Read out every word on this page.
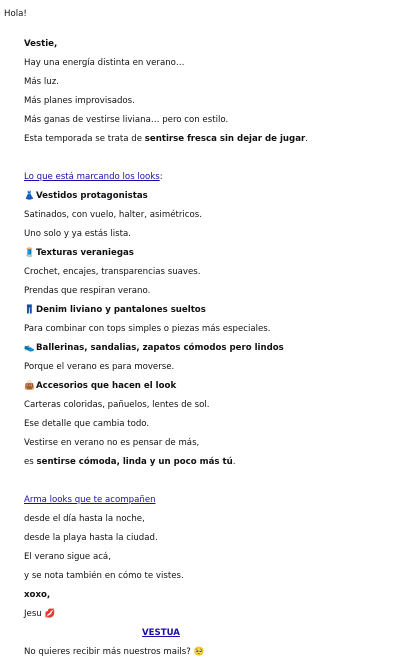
Hola!

Vestie,

Hay una energía distinta en verano…

Más luz.

Más planes improvisados.

Más ganas de vestirse liviana… pero con estilo.

Esta temporada se trata de sentirse fresca sin dejar de jugar.

Lo que está marcando los looks:

👗Vestidos protagonistas

Satinados, con vuelo, halter, asimétricos.

Uno solo y ya estás lista.

🧵Texturas veraniegas

Crochet, encajes, transparencias suaves.

Prendas que respiran verano.

👖Denim liviano y pantalones sueltos

Para combinar con tops simples o piezas más especiales.

👟Ballerinas, sandalias, zapatos cómodos pero lindos

Porque el verano es para moverse.

👜Accesorios que hacen el look

Carteras coloridas, pañuelos, lentes de sol.

Ese detalle que cambia todo.

Vestirse en verano no es pensar de más,

es sentirse cómoda, linda y un poco más tú.

Arma looks que te acompañen

desde el día hasta la noche,

desde la playa hasta la ciudad.

El verano sigue acá,

y se nota también en cómo te vistes.

xoxo,

Jesu 💋

VESTUA

No quieres recibir más nuestros mails? 🥺
